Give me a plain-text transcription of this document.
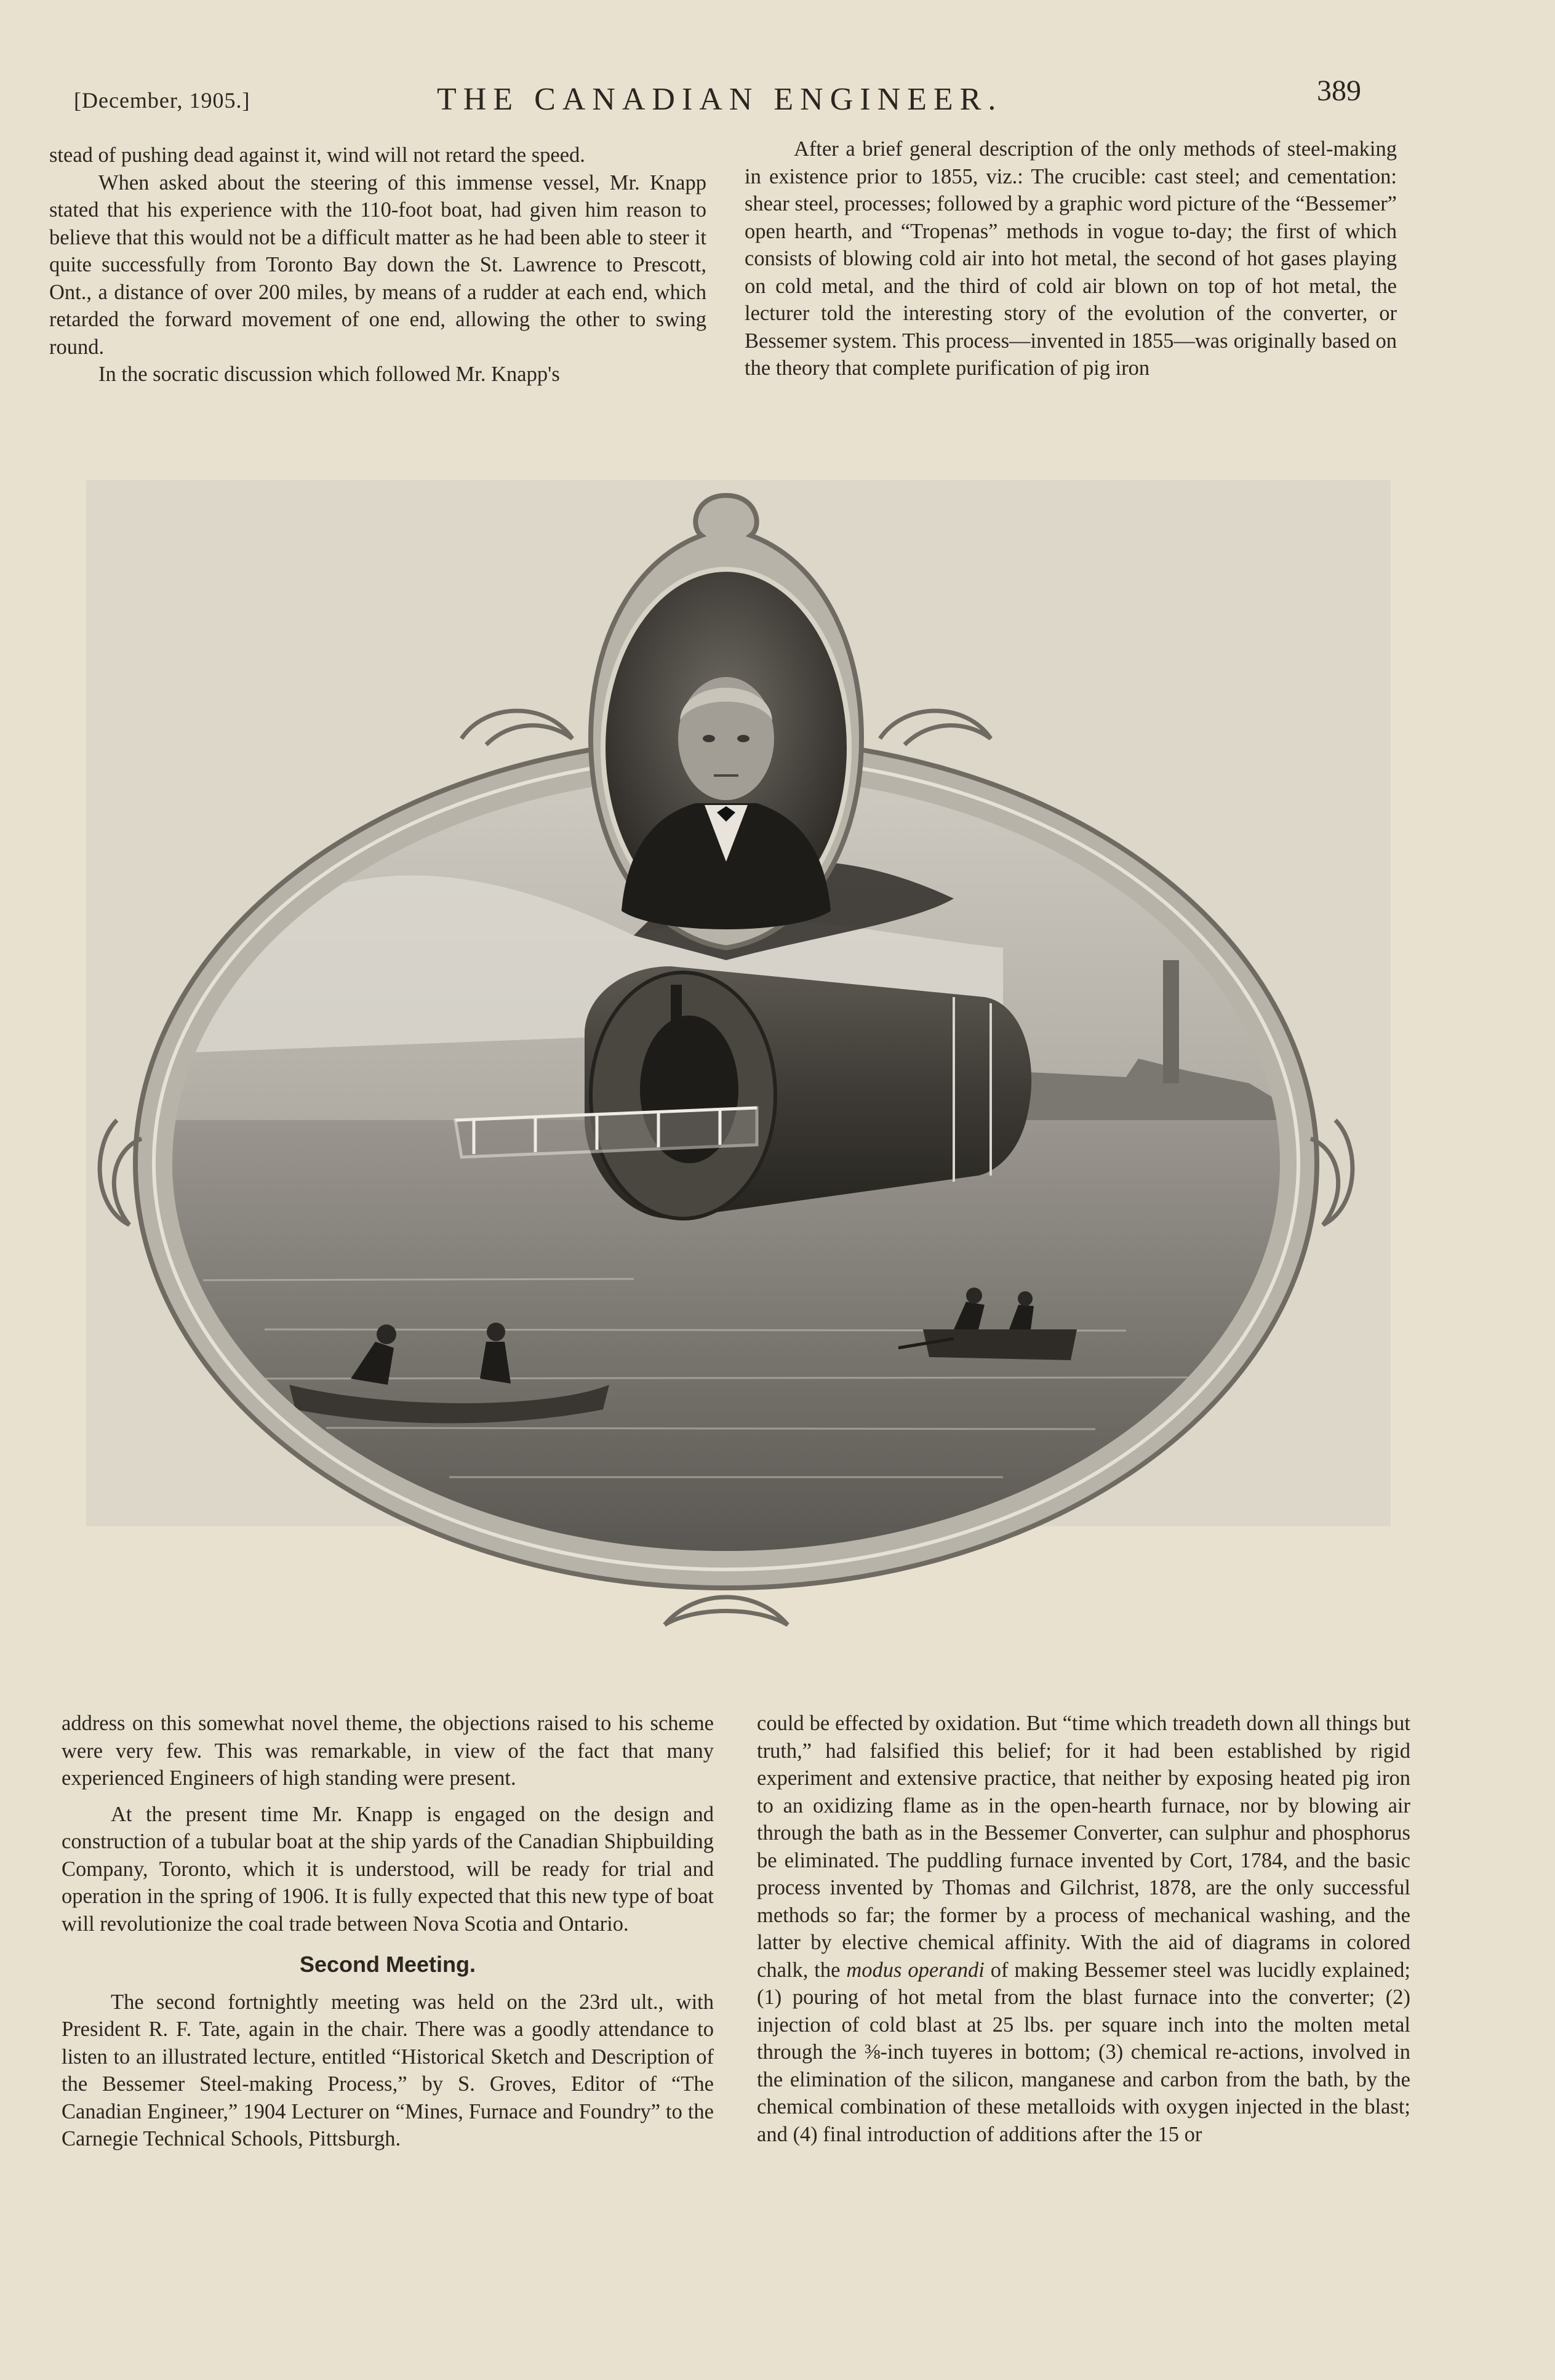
[December, 1905.]	THE CANADIAN ENGINEER.	389

stead of pushing dead against it, wind will not retard the speed.

When asked about the steering of this immense vessel, Mr. Knapp stated that his experience with the 110-foot boat, had given him reason to believe that this would not be a difficult matter as he had been able to steer it quite successfully from Toronto Bay down the St. Lawrence to Prescott, Ont., a distance of over 200 miles, by means of a rudder at each end, which retarded the forward movement of one end, allowing the other to swing round.

In the socratic discussion which followed Mr. Knapp's

After a brief general description of the only methods of steel-making in existence prior to 1855, viz.: The crucible: cast steel; and cementation: shear steel, processes; followed by a graphic word picture of the “Bessemer” open hearth, and “Tropenas” methods in vogue to-day; the first of which consists of blowing cold air into hot metal, the second of hot gases playing on cold metal, and the third of cold air blown on top of hot metal, the lecturer told the interesting story of the evolution of the converter, or Bessemer system. This process—invented in 1855—was originally based on the theory that complete purification of pig iron

address on this somewhat novel theme, the objections raised to his scheme were very few. This was remarkable, in view of the fact that many experienced Engineers of high standing were present.

At the present time Mr. Knapp is engaged on the design and construction of a tubular boat at the ship yards of the Canadian Shipbuilding Company, Toronto, which it is understood, will be ready for trial and operation in the spring of 1906. It is fully expected that this new type of boat will revolutionize the coal trade between Nova Scotia and Ontario.

Second Meeting.

The second fortnightly meeting was held on the 23rd ult., with President R. F. Tate, again in the chair. There was a goodly attendance to listen to an illustrated lecture, entitled “Historical Sketch and Description of the Bessemer Steel-making Process,” by S. Groves, Editor of “The Canadian Engineer,” 1904 Lecturer on “Mines, Furnace and Foundry” to the Carnegie Technical Schools, Pittsburgh.

could be effected by oxidation. But “time which treadeth down all things but truth,” had falsified this belief; for it had been established by rigid experiment and extensive practice, that neither by exposing heated pig iron to an oxidizing flame as in the open-hearth furnace, nor by blowing air through the bath as in the Bessemer Converter, can sulphur and phosphorus be eliminated. The puddling furnace invented by Cort, 1784, and the basic process invented by Thomas and Gilchrist, 1878, are the only successful methods so far; the former by a process of mechanical washing, and the latter by elective chemical affinity. With the aid of diagrams in colored chalk, the modus operandi of making Bessemer steel was lucidly explained; (1) pouring of hot metal from the blast furnace into the converter; (2) injection of cold blast at 25 lbs. per square inch into the molten metal through the ⅜-inch tuyeres in bottom; (3) chemical re-actions, involved in the elimination of the silicon, manganese and carbon from the bath, by the chemical combination of these metalloids with oxygen injected in the blast; and (4) final introduction of additions after the 15 or
